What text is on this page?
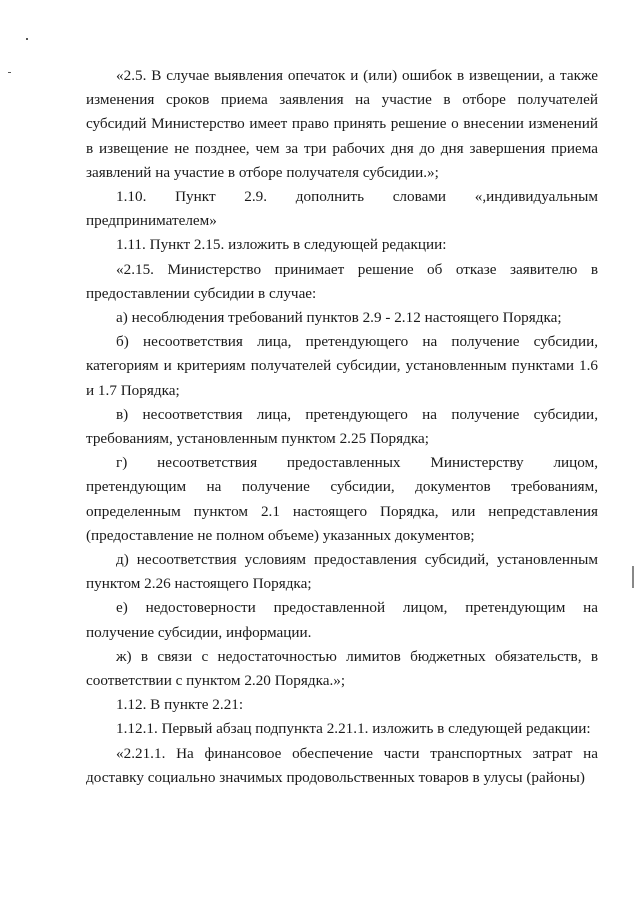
«2.5. В случае выявления опечаток и (или) ошибок в извещении, а также
изменения сроков приема заявления на участие в отборе получателей
субсидий Министерство имеет право принять решение о внесении изменений
в извещение не позднее, чем за три рабочих дня до дня завершения приема
заявлений на участие в отборе получателя субсидии.»;
1.10. Пункт 2.9. дополнить словами «,индивидуальным
предпринимателем»
1.11. Пункт 2.15. изложить в следующей редакции:
«2.15. Министерство принимает решение об отказе заявителю в
предоставлении субсидии в случае:
а) несоблюдения требований пунктов 2.9 - 2.12 настоящего Порядка;
б) несоответствия лица, претендующего на получение субсидии,
категориям и критериям получателей субсидии, установленным пунктами 1.6
и 1.7 Порядка;
в) несоответствия лица, претендующего на получение субсидии,
требованиям, установленным пунктом 2.25 Порядка;
г) несоответствия предоставленных Министерству лицом,
претендующим на получение субсидии, документов требованиям,
определенным пунктом 2.1 настоящего Порядка, или непредставления
(предоставление не полном объеме) указанных документов;
д) несоответствия условиям предоставления субсидий, установленным
пунктом 2.26 настоящего Порядка;
е) недостоверности предоставленной лицом, претендующим на
получение субсидии, информации.
ж) в связи с недостаточностью лимитов бюджетных обязательств, в
соответствии с пунктом 2.20 Порядка.»;
1.12. В пункте 2.21:
1.12.1. Первый абзац подпункта 2.21.1. изложить в следующей редакции:
«2.21.1. На финансовое обеспечение части транспортных затрат на
доставку социально значимых продовольственных товаров в улусы (районы)
